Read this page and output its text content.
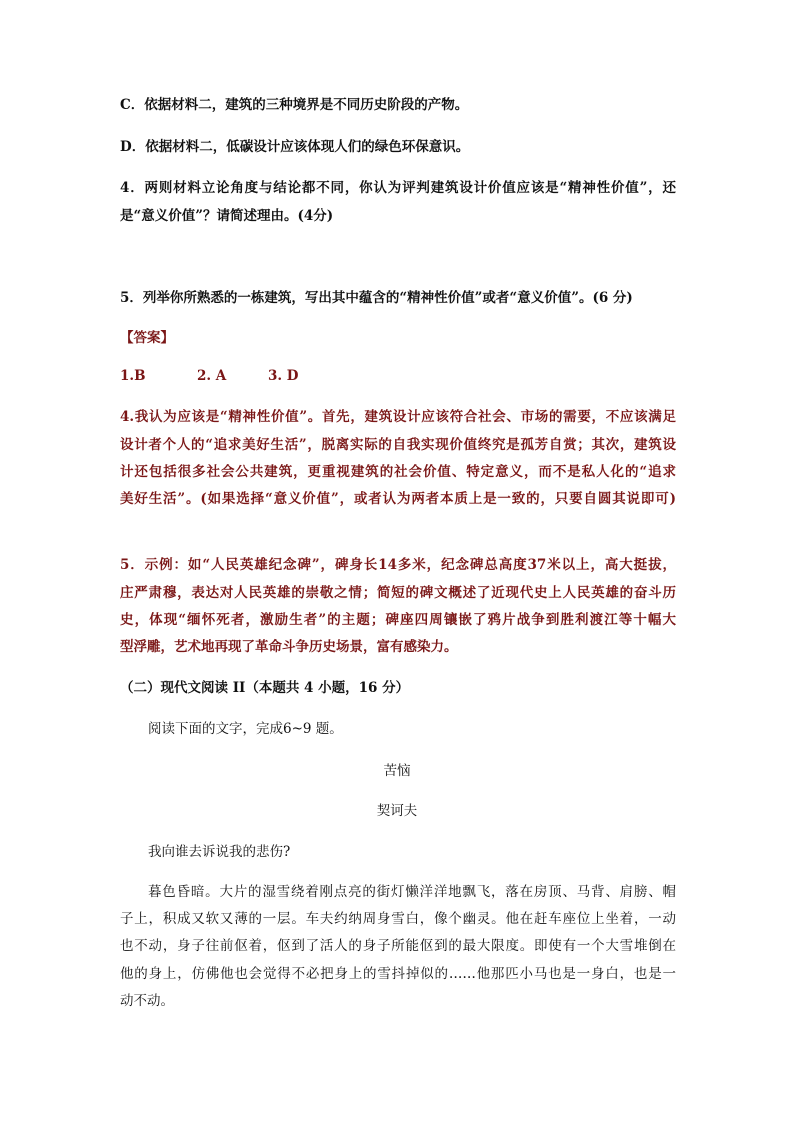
C．依据材料二，建筑的三种境界是不同历史阶段的产物。
D．依据材料二，低碳设计应该体现人们的绿色环保意识。
4．两则材料立论角度与结论都不同，你认为评判建筑设计价值应该是“精神性价值”，还
是“意义价值”？请简述理由。(4分)
5．列举你所熟悉的一栋建筑，写出其中蕴含的“精神性价值”或者“意义价值”。(6 分)
【答案】
1.B	2. A	3. D
4.我认为应该是“精神性价值”。首先，建筑设计应该符合社会、市场的需要，不应该满足
设计者个人的“追求美好生活”，脱离实际的自我实现价值终究是孤芳自赏；其次，建筑设
计还包括很多社会公共建筑，更重视建筑的社会价值、特定意义，而不是私人化的“追求
美好生活”。(如果选择“意义价值”，或者认为两者本质上是一致的，只要自圆其说即可)
5．示例：如“人民英雄纪念碑”，碑身长14多米，纪念碑总高度37米以上，高大挺拔，
庄严肃穆，表达对人民英雄的崇敬之情；简短的碑文概述了近现代史上人民英雄的奋斗历
史，体现“缅怀死者，激励生者”的主题；碑座四周镶嵌了鸦片战争到胜利渡江等十幅大
型浮雕，艺术地再现了革命斗争历史场景，富有感染力。
（二）现代文阅读 II（本题共 4 小题，16 分）
阅读下面的文字，完成6~9 题。
苦恼
契诃夫
我向谁去诉说我的悲伤?
暮色昏暗。大片的湿雪绕着刚点亮的街灯懒洋洋地飘飞，落在房顶、马背、肩膀、帽
子上，积成又软又薄的一层。车夫约纳周身雪白，像个幽灵。他在赶车座位上坐着，一动
也不动，身子往前伛着，伛到了活人的身子所能伛到的最大限度。即使有一个大雪堆倒在
他的身上，仿佛他也会觉得不必把身上的雪抖掉似的……他那匹小马也是一身白，也是一
动不动。
